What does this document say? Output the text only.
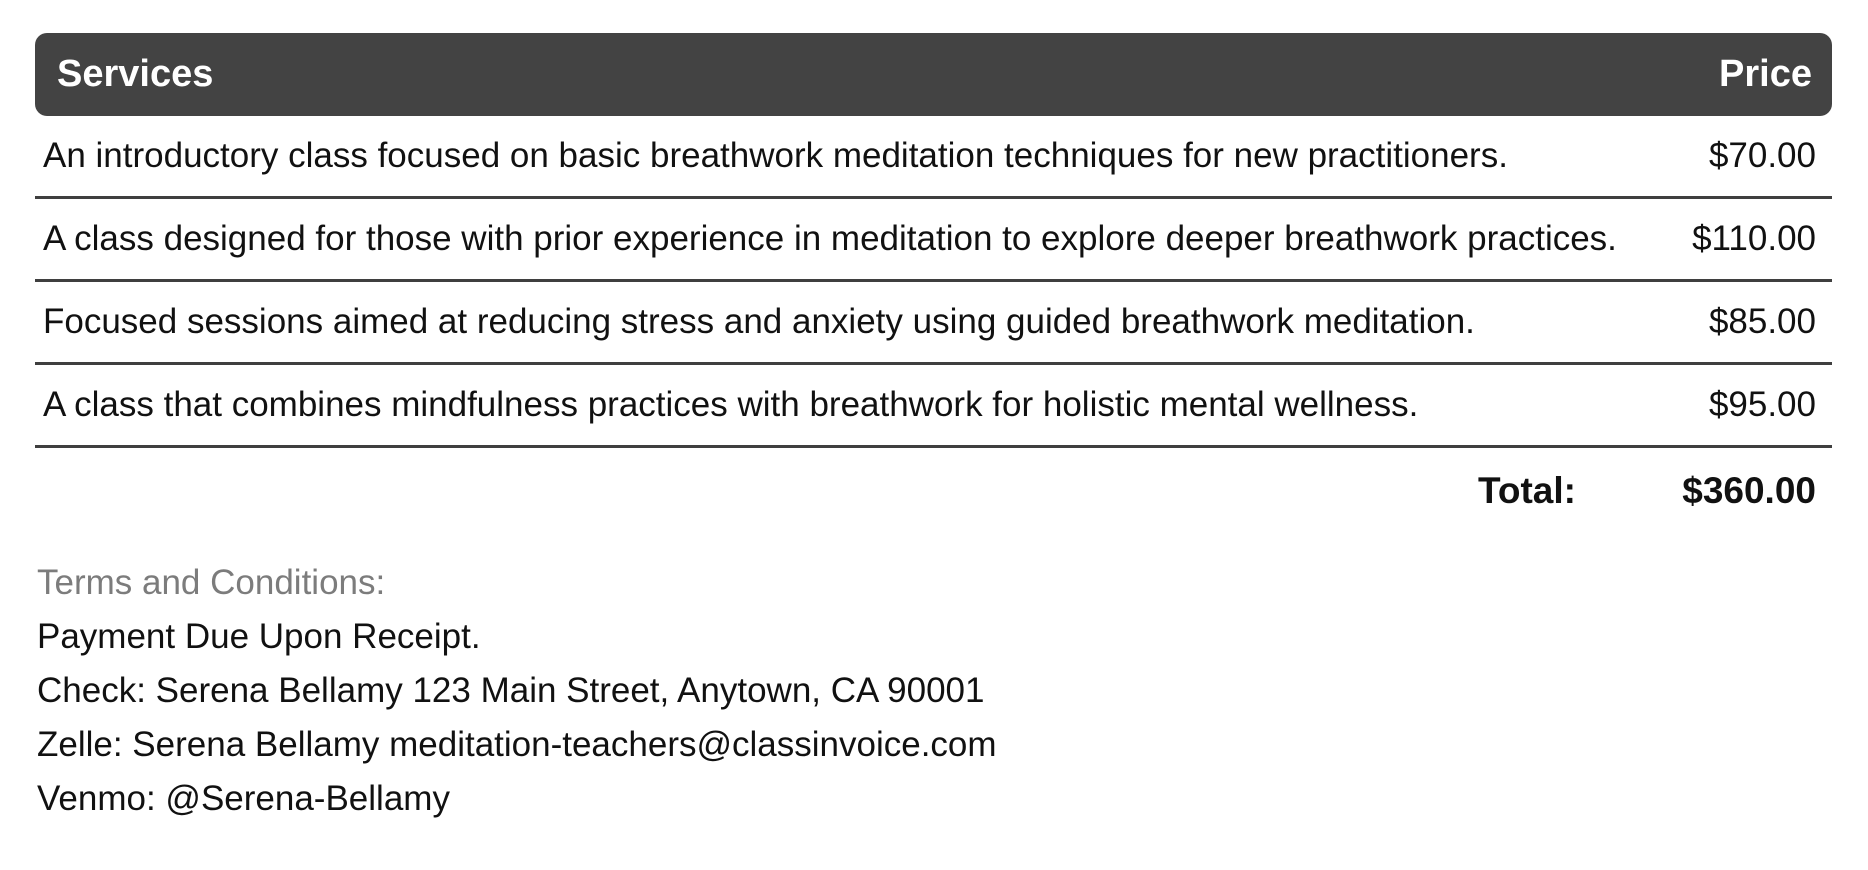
Services	Price
An introductory class focused on basic breathwork meditation techniques for new practitioners.	$70.00
A class designed for those with prior experience in meditation to explore deeper breathwork practices.	$110.00
Focused sessions aimed at reducing stress and anxiety using guided breathwork meditation.	$85.00
A class that combines mindfulness practices with breathwork for holistic mental wellness.	$95.00
Total:	$360.00
Terms and Conditions:
Payment Due Upon Receipt.
Check: Serena Bellamy 123 Main Street, Anytown, CA 90001
Zelle: Serena Bellamy meditation-teachers@classinvoice.com
Venmo: @Serena-Bellamy
